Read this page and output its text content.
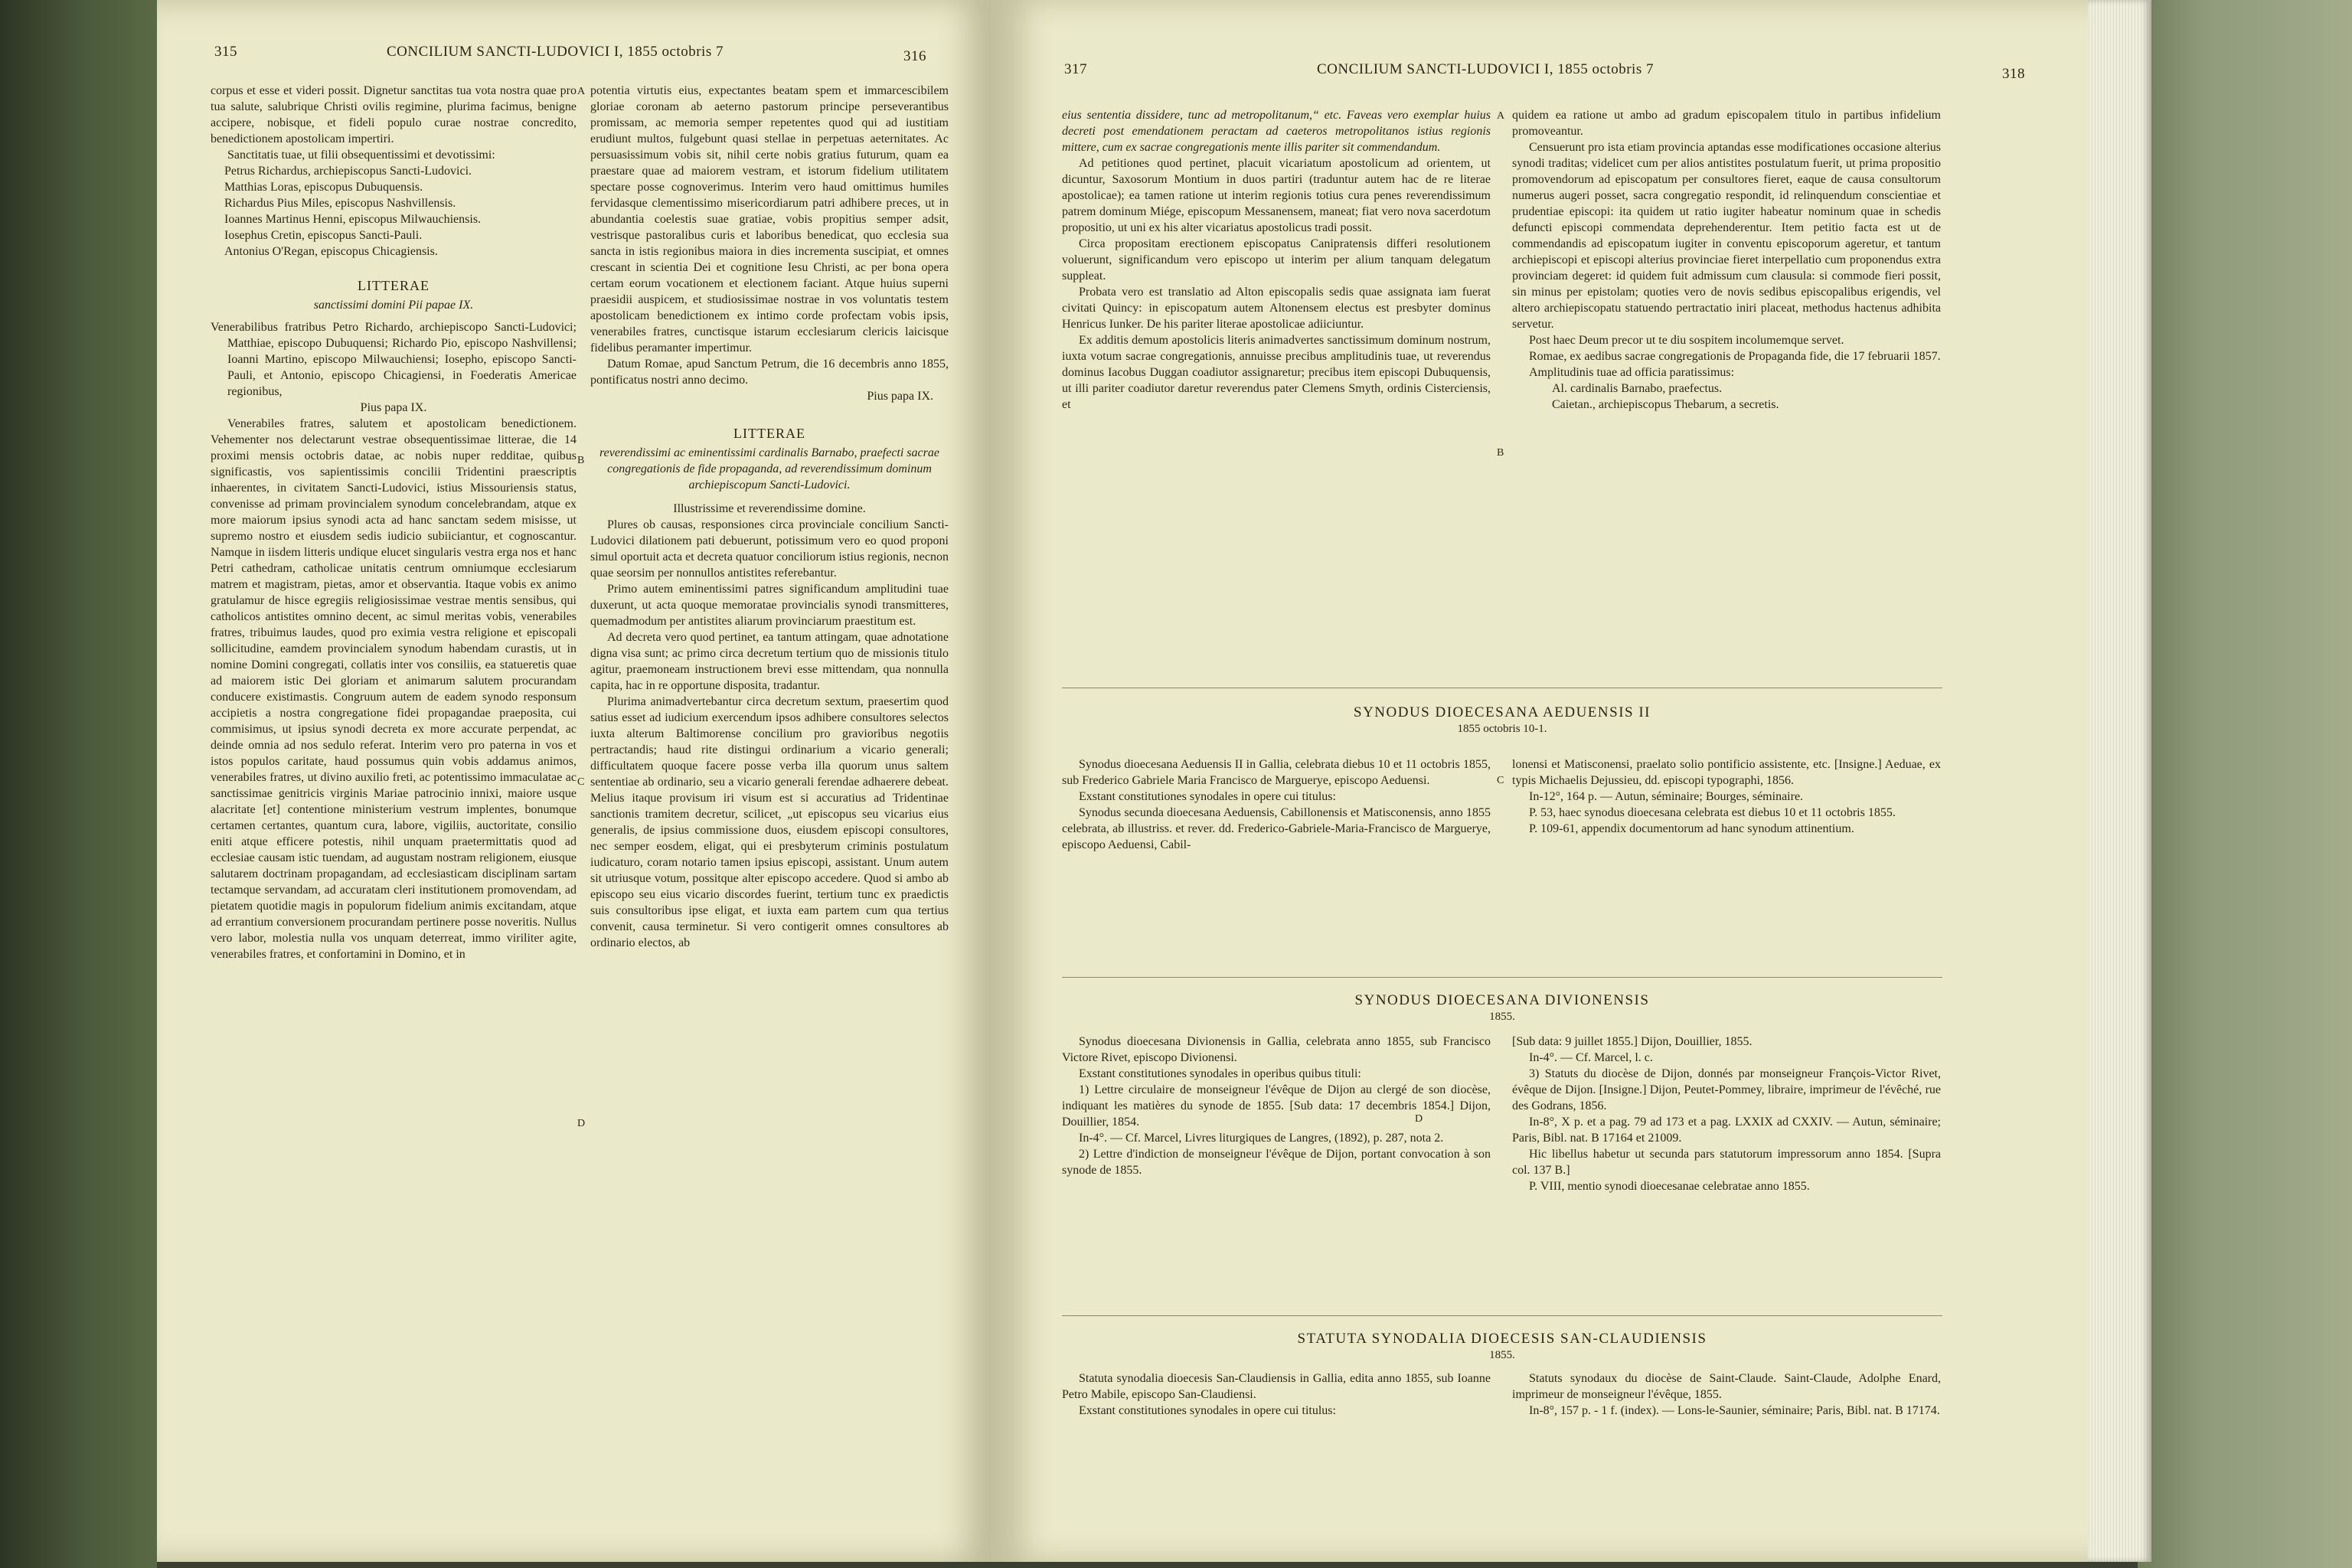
315	CONCILIUM SANCTI-LUDOVICI I, 1855 octobris 7	316

corpus et esse et videri possit. Dignetur sanctitas tua vota nostra quae pro tua salute, salubrique Christi ovilis regimine, plurima facimus, benigne accipere, nobisque, et fideli populo curae nostrae concredito, benedictionem apostolicam impertiri.

Sanctitatis tuae, ut filii obsequentissimi et devotissimi:

Petrus Richardus, archiepiscopus Sancti-Ludovici.

Matthias Loras, episcopus Dubuquensis.

Richardus Pius Miles, episcopus Nashvillensis.

Ioannes Martinus Henni, episcopus Milwauchiensis.

Iosephus Cretin, episcopus Sancti-Pauli.

Antonius O'Regan, episcopus Chicagiensis.

LITTERAE

sanctissimi domini Pii papae IX.

Venerabilibus fratribus Petro Richardo, archiepiscopo Sancti-Ludovici; Matthiae, episcopo Dubuquensi; Richardo Pio, episcopo Nashvillensi; Ioanni Martino, episcopo Milwauchiensi; Iosepho, episcopo Sancti-Pauli, et Antonio, episcopo Chicagiensi, in Foederatis Americae regionibus,

Pius papa IX.

Venerabiles fratres, salutem et apostolicam benedictionem. Vehementer nos delectarunt vestrae obsequentissimae litterae, die 14 proximi mensis octobris datae, ac nobis nuper redditae, quibus significastis, vos sapientissimis concilii Tridentini praescriptis inhaerentes, in civitatem Sancti-Ludovici, istius Missouriensis status, convenisse ad primam provincialem synodum concelebrandam, atque ex more maiorum ipsius synodi acta ad hanc sanctam sedem misisse, ut supremo nostro et eiusdem sedis iudicio subiiciantur, et cognoscantur. Namque in iisdem litteris undique elucet singularis vestra erga nos et hanc Petri cathedram, catholicae unitatis centrum omniumque ecclesiarum matrem et magistram, pietas, amor et observantia. Itaque vobis ex animo gratulamur de hisce egregiis religiosissimae vestrae mentis sensibus, qui catholicos antistites omnino decent, ac simul meritas vobis, venerabiles fratres, tribuimus laudes, quod pro eximia vestra religione et episcopali sollicitudine, eamdem provincialem synodum habendam curastis, ut in nomine Domini congregati, collatis inter vos consiliis, ea statueretis quae ad maiorem istic Dei gloriam et animarum salutem procurandam conducere existimastis. Congruum autem de eadem synodo responsum accipietis a nostra congregatione fidei propagandae praeposita, cui commisimus, ut ipsius synodi decreta ex more accurate perpendat, ac deinde omnia ad nos sedulo referat. Interim vero pro paterna in vos et istos populos caritate, haud possumus quin vobis addamus animos, venerabiles fratres, ut divino auxilio freti, ac potentissimo immaculatae ac sanctissimae genitricis virginis Mariae patrocinio innixi, maiore usque alacritate [et] contentione ministerium vestrum implentes, bonumque certamen certantes, quantum cura, labore, vigiliis, auctoritate, consilio eniti atque efficere potestis, nihil unquam praetermittatis quod ad ecclesiae causam istic tuendam, ad augustam nostram religionem, eiusque salutarem doctrinam propagandam, ad ecclesiasticam disciplinam sartam tectamque servandam, ad accuratam cleri institutionem promovendam, ad pietatem quotidie magis in populorum fidelium animis excitandam, atque ad errantium conversionem procurandam pertinere posse noveritis. Nullus vero labor, molestia nulla vos unquam deterreat, immo viriliter agite, venerabiles fratres, et confortamini in Domino, et in

potentia virtutis eius, expectantes beatam spem et immarcescibilem gloriae coronam ab aeterno pastorum principe perseverantibus promissam, ac memoria semper repetentes quod qui ad iustitiam erudiunt multos, fulgebunt quasi stellae in perpetuas aeternitates. Ac persuasissimum vobis sit, nihil certe nobis gratius futurum, quam ea praestare quae ad maiorem vestram, et istorum fidelium utilitatem spectare posse cognoverimus. Interim vero haud omittimus humiles fervidasque clementissimo misericordiarum patri adhibere preces, ut in abundantia coelestis suae gratiae, vobis propitius semper adsit, vestrisque pastoralibus curis et laboribus benedicat, quo ecclesia sua sancta in istis regionibus maiora in dies incrementa suscipiat, et omnes crescant in scientia Dei et cognitione Iesu Christi, ac per bona opera certam eorum vocationem et electionem faciant. Atque huius superni praesidii auspicem, et studiosissimae nostrae in vos voluntatis testem apostolicam benedictionem ex intimo corde profectam vobis ipsis, venerabiles fratres, cunctisque istarum ecclesiarum clericis laicisque fidelibus peramanter impertimur.

Datum Romae, apud Sanctum Petrum, die 16 decembris anno 1855, pontificatus nostri anno decimo.

Pius papa IX.

LITTERAE

reverendissimi ac eminentissimi cardinalis Barnabo, praefecti sacrae congregationis de fide propaganda, ad reverendissimum dominum archiepiscopum Sancti-Ludovici.

Illustrissime et reverendissime domine.

Plures ob causas, responsiones circa provinciale concilium Sancti-Ludovici dilationem pati debuerunt, potissimum vero eo quod proponi simul oportuit acta et decreta quatuor conciliorum istius regionis, necnon quae seorsim per nonnullos antistites referebantur.

Primo autem eminentissimi patres significandum amplitudini tuae duxerunt, ut acta quoque memoratae provincialis synodi transmitteres, quemadmodum per antistites aliarum provinciarum praestitum est.

Ad decreta vero quod pertinet, ea tantum attingam, quae adnotatione digna visa sunt; ac primo circa decretum tertium quo de missionis titulo agitur, praemoneam instructionem brevi esse mittendam, qua nonnulla capita, hac in re opportune disposita, tradantur.

Plurima animadvertebantur circa decretum sextum, praesertim quod satius esset ad iudicium exercendum ipsos adhibere consultores selectos iuxta alterum Baltimorense concilium pro gravioribus negotiis pertractandis; haud rite distingui ordinarium a vicario generali; difficultatem quoque facere posse verba illa quorum unus saltem sententiae ab ordinario, seu a vicario generali ferendae adhaerere debeat. Melius itaque provisum iri visum est si accuratius ad Tridentinae sanctionis tramitem decretur, scilicet, „ut episcopus seu vicarius eius generalis, de ipsius commissione duos, eiusdem episcopi consultores, nec semper eosdem, eligat, qui ei presbyterum criminis postulatum iudicaturo, coram notario tamen ipsius episcopi, assistant. Unum autem sit utriusque votum, possitque alter episcopo accedere. Quod si ambo ab episcopo seu eius vicario discordes fuerint, tertium tunc ex praedictis suis consultoribus ipse eligat, et iuxta eam partem cum qua tertius convenit, causa terminetur. Si vero contigerit omnes consultores ab ordinario electos, ab

A
B
C
D
317	CONCILIUM SANCTI-LUDOVICI I, 1855 octobris 7	318

eius sententia dissidere, tunc ad metropolitanum,“ etc. Faveas vero exemplar huius decreti post emendationem peractam ad caeteros metropolitanos istius regionis mittere, cum ex sacrae congregationis mente illis pariter sit commendandum.

Ad petitiones quod pertinet, placuit vicariatum apostolicum ad orientem, ut dicuntur, Saxosorum Montium in duos partiri (traduntur autem hac de re literae apostolicae); ea tamen ratione ut interim regionis totius cura penes reverendissimum patrem dominum Miége, episcopum Messanensem, maneat; fiat vero nova sacerdotum propositio, ut uni ex his alter vicariatus apostolicus tradi possit.

Circa propositam erectionem episcopatus Canipratensis differi resolutionem voluerunt, significandum vero episcopo ut interim per alium tanquam delegatum suppleat.

Probata vero est translatio ad Alton episcopalis sedis quae assignata iam fuerat civitati Quincy: in episcopatum autem Altonensem electus est presbyter dominus Henricus Iunker. De his pariter literae apostolicae adiiciuntur.

Ex additis demum apostolicis literis animadvertes sanctissimum dominum nostrum, iuxta votum sacrae congregationis, annuisse precibus amplitudinis tuae, ut reverendus dominus Iacobus Duggan coadiutor assignaretur; precibus item episcopi Dubuquensis, ut illi pariter coadiutor daretur reverendus pater Clemens Smyth, ordinis Cisterciensis, et

quidem ea ratione ut ambo ad gradum episcopalem titulo in partibus infidelium promoveantur.

Censuerunt pro ista etiam provincia aptandas esse modificationes occasione alterius synodi traditas; videlicet cum per alios antistites postulatum fuerit, ut prima propositio promovendorum ad episcopatum per consultores fieret, eaque de causa consultorum numerus augeri posset, sacra congregatio respondit, id relinquendum conscientiae et prudentiae episcopi: ita quidem ut ratio iugiter habeatur nominum quae in schedis defuncti episcopi commendata deprehenderentur. Item petitio facta est ut de commendandis ad episcopatum iugiter in conventu episcoporum ageretur, et tantum archiepiscopi et episcopi alterius provinciae fieret interpellatio cum proponendus extra provinciam degeret: id quidem fuit admissum cum clausula: si commode fieri possit, sin minus per epistolam; quoties vero de novis sedibus episcopalibus erigendis, vel altero archiepiscopatu statuendo pertractatio iniri placeat, methodus hactenus adhibita servetur.

Post haec Deum precor ut te diu sospitem incolumemque servet.

Romae, ex aedibus sacrae congregationis de Propaganda fide, die 17 februarii 1857.

Amplitudinis tuae ad officia paratissimus:

Al. cardinalis Barnabo, praefectus.

Caietan., archiepiscopus Thebarum, a secretis.

A
B
C
D
SYNODUS DIOECESANA AEDUENSIS II
1855 octobris 10-1.

Synodus dioecesana Aeduensis II in Gallia, celebrata diebus 10 et 11 octobris 1855, sub Frederico Gabriele Maria Francisco de Marguerye, episcopo Aeduensi.

Exstant constitutiones synodales in opere cui titulus:

Synodus secunda dioecesana Aeduensis, Cabillonensis et Matisconensis, anno 1855 celebrata, ab illustriss. et rever. dd. Frederico-Gabriele-Maria-Francisco de Marguerye, episcopo Aeduensi, Cabil-

lonensi et Matisconensi, praelato solio pontificio assistente, etc. [Insigne.] Aeduae, ex typis Michaelis Dejussieu, dd. episcopi typographi, 1856.

In-12°, 164 p. — Autun, séminaire; Bourges, séminaire.

P. 53, haec synodus dioecesana celebrata est diebus 10 et 11 octobris 1855.

P. 109-61, appendix documentorum ad hanc synodum attinentium.

SYNODUS DIOECESANA DIVIONENSIS
1855.

Synodus dioecesana Divionensis in Gallia, celebrata anno 1855, sub Francisco Victore Rivet, episcopo Divionensi.

Exstant constitutiones synodales in operibus quibus tituli:

1) Lettre circulaire de monseigneur l'évêque de Dijon au clergé de son diocèse, indiquant les matières du synode de 1855. [Sub data: 17 decembris 1854.] Dijon, Douillier, 1854.

In-4°. — Cf. Marcel, Livres liturgiques de Langres, (1892), p. 287, nota 2.

2) Lettre d'indiction de monseigneur l'évêque de Dijon, portant convocation à son synode de 1855.

[Sub data: 9 juillet 1855.] Dijon, Douillier, 1855.

In-4°. — Cf. Marcel, l. c.

3) Statuts du diocèse de Dijon, donnés par monseigneur François-Victor Rivet, évêque de Dijon. [Insigne.] Dijon, Peutet-Pommey, libraire, imprimeur de l'évêché, rue des Godrans, 1856.

In-8°, X p. et a pag. 79 ad 173 et a pag. LXXIX ad CXXIV. — Autun, séminaire; Paris, Bibl. nat. B 17164 et 21009.

Hic libellus habetur ut secunda pars statutorum impressorum anno 1854. [Supra col. 137 B.]

P. VIII, mentio synodi dioecesanae celebratae anno 1855.

STATUTA SYNODALIA DIOECESIS SAN-CLAUDIENSIS
1855.

Statuta synodalia dioecesis San-Claudiensis in Gallia, edita anno 1855, sub Ioanne Petro Mabile, episcopo San-Claudiensi.

Exstant constitutiones synodales in opere cui titulus:

Statuts synodaux du diocèse de Saint-Claude. Saint-Claude, Adolphe Enard, imprimeur de monseigneur l'évêque, 1855.

In-8°, 157 p. - 1 f. (index). — Lons-le-Saunier, séminaire; Paris, Bibl. nat. B 17174.
